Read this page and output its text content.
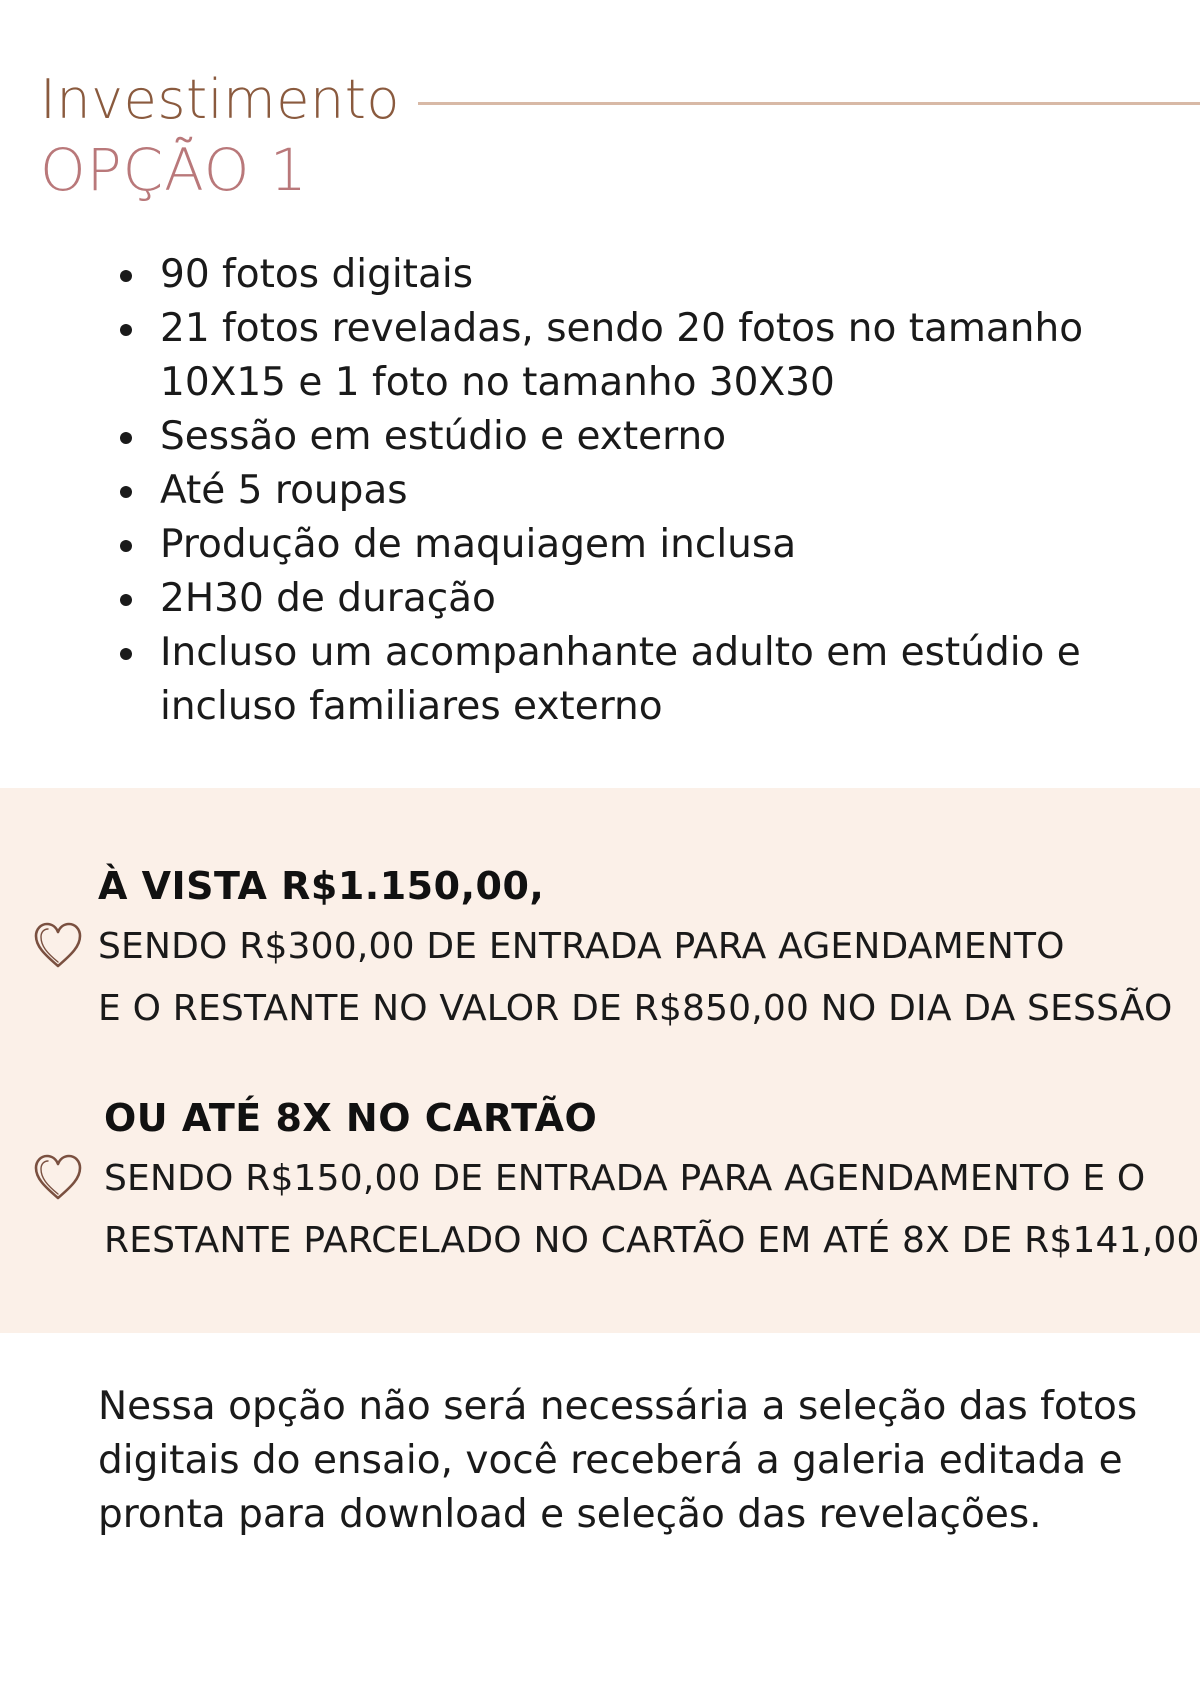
Investimento
OPÇÃO 1
90 fotos digitais
21 fotos reveladas, sendo 20 fotos no tamanho 10X15 e 1 foto no tamanho 30X30
Sessão em estúdio e externo
Até 5 roupas
Produção de maquiagem inclusa
2H30 de duração
Incluso um acompanhante adulto em estúdio e incluso familiares externo
À VISTA R$1.150,00,
SENDO R$300,00 DE ENTRADA PARA AGENDAMENTO
E O RESTANTE NO VALOR DE R$850,00 NO DIA DA SESSÃO
OU ATÉ 8X NO CARTÃO
SENDO R$150,00 DE ENTRADA PARA AGENDAMENTO E O
RESTANTE PARCELADO NO CARTÃO EM ATÉ 8X DE R$141,00

Nessa opção não será necessária a seleção das fotos digitais do ensaio, você receberá a galeria editada e pronta para download e seleção das revelações.
